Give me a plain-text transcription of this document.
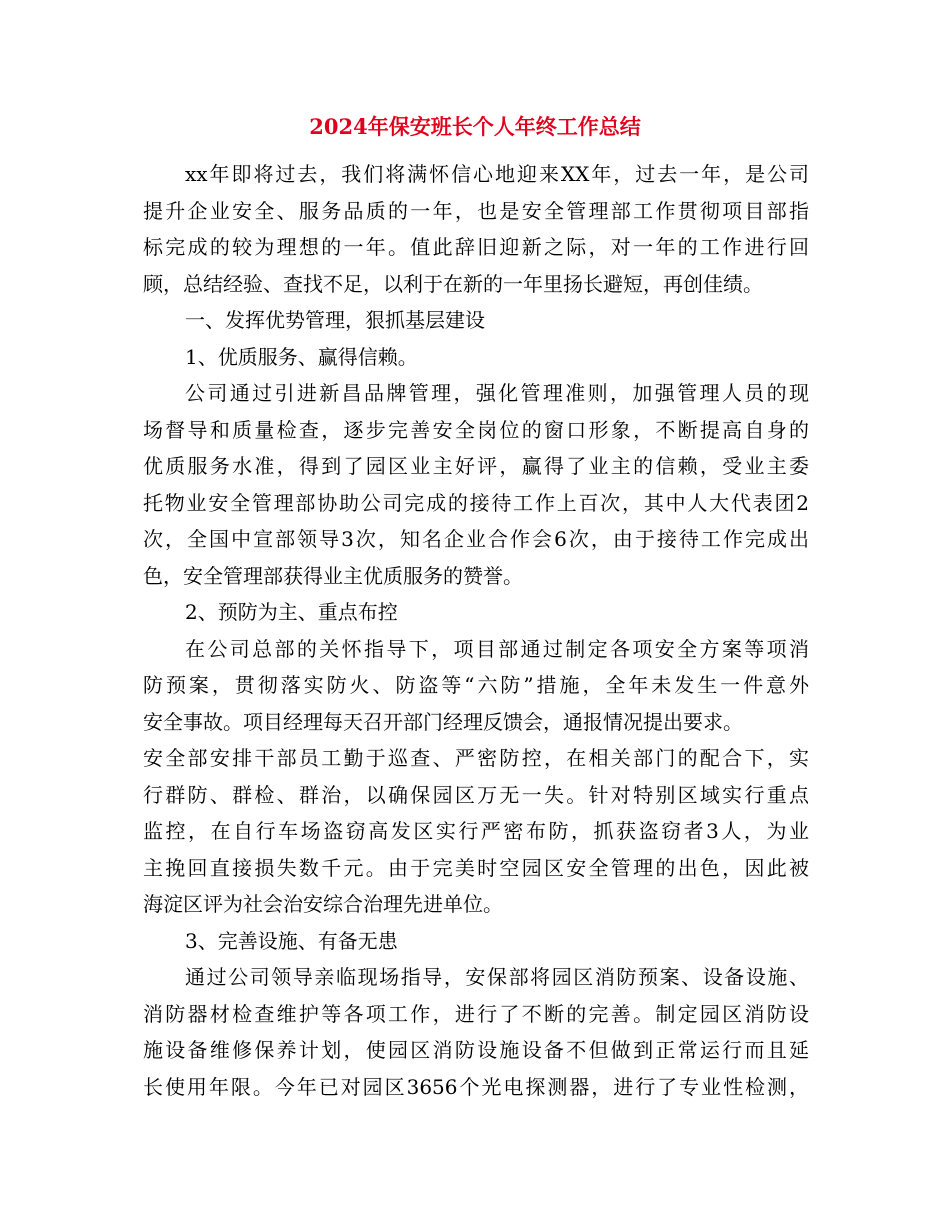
2024年保安班长个人年终工作总结
xx年即将过去，我们将满怀信心地迎来XX年，过去一年，是公司
提升企业安全、服务品质的一年，也是安全管理部工作贯彻项目部指
标完成的较为理想的一年。值此辞旧迎新之际，对一年的工作进行回
顾，总结经验、查找不足，以利于在新的一年里扬长避短，再创佳绩。
一、发挥优势管理，狠抓基层建设
1、优质服务、赢得信赖。
公司通过引进新昌品牌管理，强化管理准则，加强管理人员的现
场督导和质量检查，逐步完善安全岗位的窗口形象，不断提高自身的
优质服务水准，得到了园区业主好评，赢得了业主的信赖，受业主委
托物业安全管理部协助公司完成的接待工作上百次，其中人大代表团2
次，全国中宣部领导3次，知名企业合作会6次，由于接待工作完成出
色，安全管理部获得业主优质服务的赞誉。
2、预防为主、重点布控
在公司总部的关怀指导下，项目部通过制定各项安全方案等项消
防预案，贯彻落实防火、防盗等“六防”措施，全年未发生一件意外
安全事故。项目经理每天召开部门经理反馈会，通报情况提出要求。
安全部安排干部员工勤于巡查、严密防控，在相关部门的配合下，实
行群防、群检、群治，以确保园区万无一失。针对特别区域实行重点
监控，在自行车场盗窃高发区实行严密布防，抓获盗窃者3人，为业
主挽回直接损失数千元。由于完美时空园区安全管理的出色，因此被
海淀区评为社会治安综合治理先进单位。
3、完善设施、有备无患
通过公司领导亲临现场指导，安保部将园区消防预案、设备设施、
消防器材检查维护等各项工作，进行了不断的完善。制定园区消防设
施设备维修保养计划，使园区消防设施设备不但做到正常运行而且延
长使用年限。今年已对园区3656个光电探测器，进行了专业性检测，
